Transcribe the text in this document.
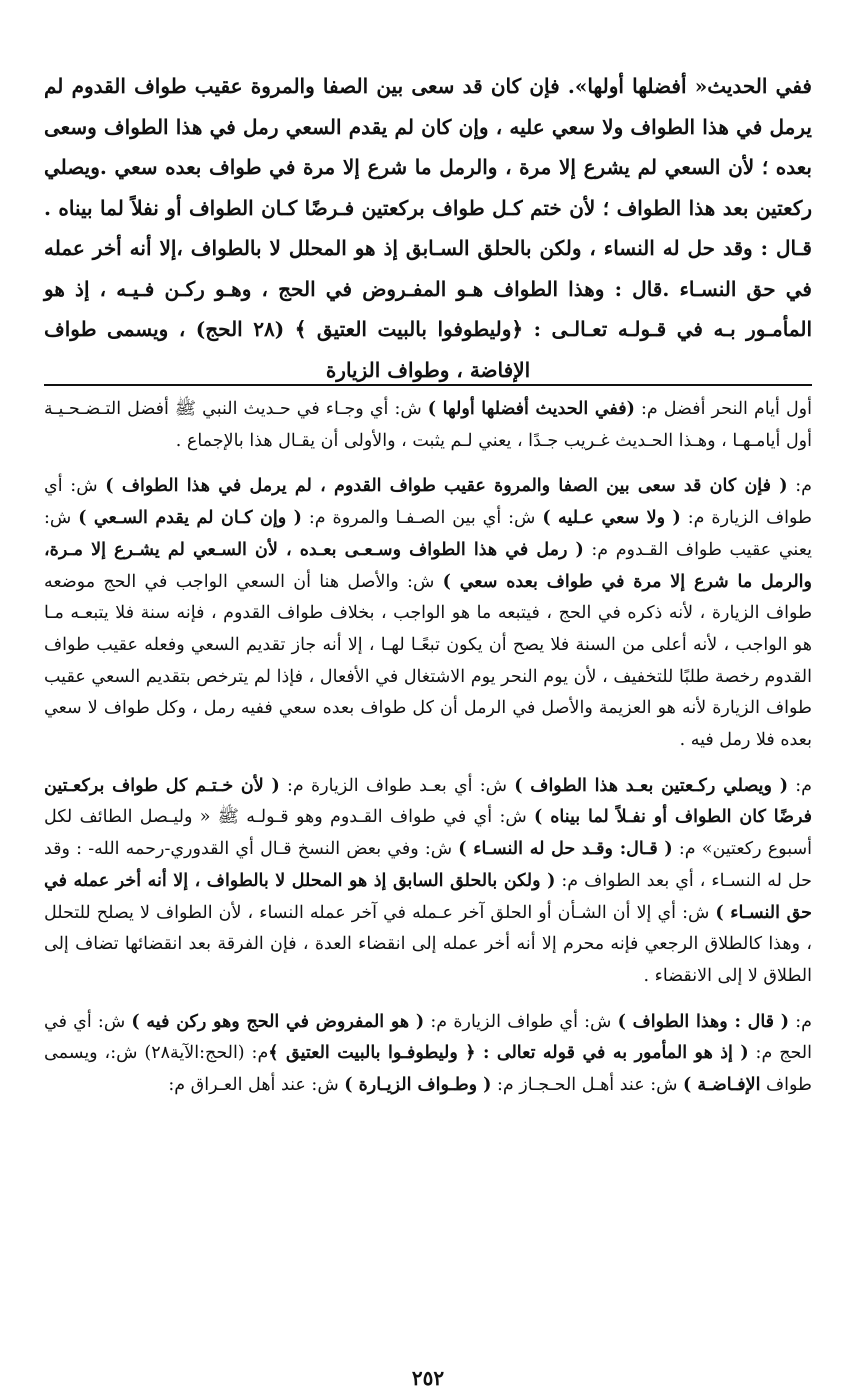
ففي الحديث« أفضلها أولها». فإن كان قد سعى بين الصفا والمروة عقيب طواف القدوم لم يرمل في هذا الطواف ولا سعي عليه ، وإن كان لم يقدم السعي رمل في هذا الطواف وسعى بعده ؛ لأن السعي لم يشرع إلا مرة ، والرمل ما شرع إلا مرة في طواف بعده سعي .ويصلي ركعتين بعد هذا الطواف ؛ لأن ختم كـل طواف بركعتين فـرضًا كـان الطواف أو نفلاً لما بيناه . قـال : وقد حل له النساء ، ولكن بالحلق السـابق إذ هو المحلل لا بالطواف ،إلا أنه أخر عمله في حق النسـاء .قال : وهذا الطواف هـو المفـروض في الحج ، وهـو ركـن فـيـه ، إذ هو المأمـور بـه في قـولـه تعـالـى : ﴿وليطوفوا بالبيت العتيق ﴾ (٢٨ الحج) ، ويسمى طواف الإفاضة ، وطواف الزيارة

أول أيام النحر أفضل م: (ففي الحديث أفضلها أولها ) ش: أي وجـاء في حـديث النبي ﷺ أفضل التـضـحـيـة أول أيامـهـا ، وهـذا الحـديث غـريب جـدًا ، يعني لـم يثبت ، والأولى أن يقـال هذا بالإجماع .

م: ( فإن كان قد سعى بين الصفا والمروة عقيب طواف القدوم ، لم يرمل في هذا الطواف ) ش: أي طواف الزيارة م: ( ولا سعي عـليه ) ش: أي بين الصـفـا والمروة م: ( وإن كـان لم يقدم السـعي ) ش: يعني عقيب طواف القـدوم م: ( رمل في هذا الطواف وسـعـى بعـده ، لأن السـعي لم يشـرع إلا مـرة، والرمل ما شرع إلا مرة في طواف بعده سعي ) ش: والأصل هنا أن السعي الواجب في الحج موضعه طواف الزيارة ، لأنه ذكره في الحج ، فيتبعه ما هو الواجب ، بخلاف طواف القدوم ، فإنه سنة فلا يتبعـه مـا هو الواجب ، لأنه أعلى من السنة فلا يصح أن يكون تبعًـا لهـا ، إلا أنه جاز تقديم السعي وفعله عقيب طواف القدوم رخصة طلبًا للتخفيف ، لأن يوم النحر يوم الاشتغال في الأفعال ، فإذا لم يترخص بتقديم السعي عقيب طواف الزيارة لأنه هو العزيمة والأصل في الرمل أن كل طواف بعده سعي ففيه رمل ، وكل طواف لا سعي بعده فلا رمل فيه .

م: ( ويصلي ركـعتين بعـد هذا الطواف ) ش: أي بعـد طواف الزيارة م: ( لأن خـتـم كل طواف بركعـتين فرضًا كان الطواف أو نفـلاً لما بيناه ) ش: أي في طواف القـدوم وهو قـولـه ﷺ « وليـصل الطائف لكل أسبوع ركعتين» م: ( قـال: وقـد حل له النسـاء ) ش: وفي بعض النسخ قـال أي القدوري-رحمه الله- : وقد حل له النسـاء ، أي بعد الطواف م: ( ولكن بالحلق السابق إذ هو المحلل لا بالطواف ، إلا أنه أخر عمله في حق النسـاء ) ش: أي إلا أن الشـأن أو الحلق آخر عـمله في آخر عمله النساء ، لأن الطواف لا يصلح للتحلل ، وهذا كالطلاق الرجعي فإنه محرم إلا أنه أخر عمله إلى انقضاء العدة ، فإن الفرقة بعد انقضائها تضاف إلى الطلاق لا إلى الانقضاء .

م: ( قال : وهذا الطواف ) ش: أي طواف الزيارة م: ( هو المفروض في الحج وهو ركن فيه ) ش: أي في الحج م: ( إذ هو المأمور به في قوله تعالى : ﴿ وليطوفـوا بالبيت العتيق ﴾م: (الحج:الآية٢٨) ش:، ويسمى طواف الإفـاضـة ) ش: عند أهـل الحـجـاز م: ( وطـواف الزيـارة ) ش: عند أهل العـراق م:

٢٥٢
